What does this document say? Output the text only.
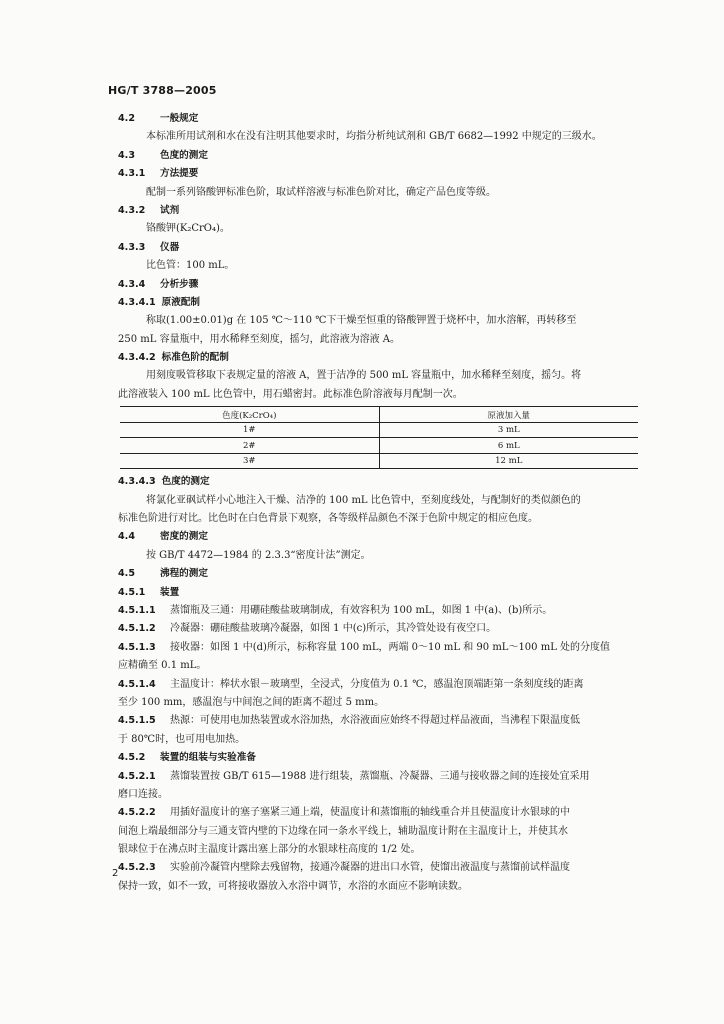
HG/T 3788—2005
4.2	一般规定
本标准所用试剂和水在没有注明其他要求时，均指分析纯试剂和 GB/T 6682—1992 中规定的三级水。
4.3	色度的测定
4.3.1 方法提要
配制一系列铬酸钾标准色阶，取试样溶液与标准色阶对比，确定产品色度等级。
4.3.2 试剂
铬酸钾(K₂CrO₄)。
4.3.3 仪器
比色管：100 mL。
4.3.4 分析步骤
4.3.4.1 原液配制
称取(1.00±0.01)g 在 105 ℃～110 ℃下干燥至恒重的铬酸钾置于烧杯中，加水溶解，再转移至
250 mL 容量瓶中，用水稀释至刻度，摇匀，此溶液为溶液 A。
4.3.4.2 标准色阶的配制
用刻度吸管移取下表规定量的溶液 A，置于洁净的 500 mL 容量瓶中，加水稀释至刻度，摇匀。将
此溶液装入 100 mL 比色管中，用石蜡密封。此标准色阶溶液每月配制一次。
色度(K₂CrO₄)	原液加入量
1#	3 mL
2#	6 mL
3#	12 mL
4.3.4.3 色度的测定
将氯化亚砜试样小心地注入干燥、洁净的 100 mL 比色管中，至刻度线处，与配制好的类似颜色的
标准色阶进行对比。比色时在白色背景下观察，各等级样品颜色不深于色阶中规定的相应色度。
4.4	密度的测定
按 GB/T 4472—1984 的 2.3.3“密度计法”测定。
4.5	沸程的测定
4.5.1 装置
4.5.1.1 蒸馏瓶及三通：用硼硅酸盐玻璃制成，有效容积为 100 mL，如图 1 中(a)、(b)所示。
4.5.1.2 冷凝器：硼硅酸盐玻璃冷凝器，如图 1 中(c)所示，其冷管处设有夜空口。
4.5.1.3 接收器：如图 1 中(d)所示，标称容量 100 mL，两端 0～10 mL 和 90 mL～100 mL 处的分度值
应精确至 0.1 mL。
4.5.1.4 主温度计：棒状水银－玻璃型，全浸式，分度值为 0.1 ℃，感温泡顶端距第一条刻度线的距离
至少 100 mm，感温泡与中间泡之间的距离不超过 5 mm。
4.5.1.5 热源：可使用电加热装置或水浴加热，水浴液面应始终不得超过样品液面，当沸程下限温度低
于 80℃时，也可用电加热。
4.5.2 装置的组装与实验准备
4.5.2.1 蒸馏装置按 GB/T 615—1988 进行组装，蒸馏瓶、冷凝器、三通与接收器之间的连接处宜采用
磨口连接。
4.5.2.2 用插好温度计的塞子塞紧三通上端，使温度计和蒸馏瓶的轴线重合并且使温度计水银球的中
间泡上端最细部分与三通支管内壁的下边缘在同一条水平线上，辅助温度计附在主温度计上，并使其水
银球位于在沸点时主温度计露出塞上部分的水银球柱高度的 1/2 处。
4.5.2.3 实验前冷凝管内壁除去残留物，接通冷凝器的进出口水管，使馏出液温度与蒸馏前试样温度
保持一致，如不一致，可将接收器放入水浴中调节，水浴的水面应不影响读数。
2
